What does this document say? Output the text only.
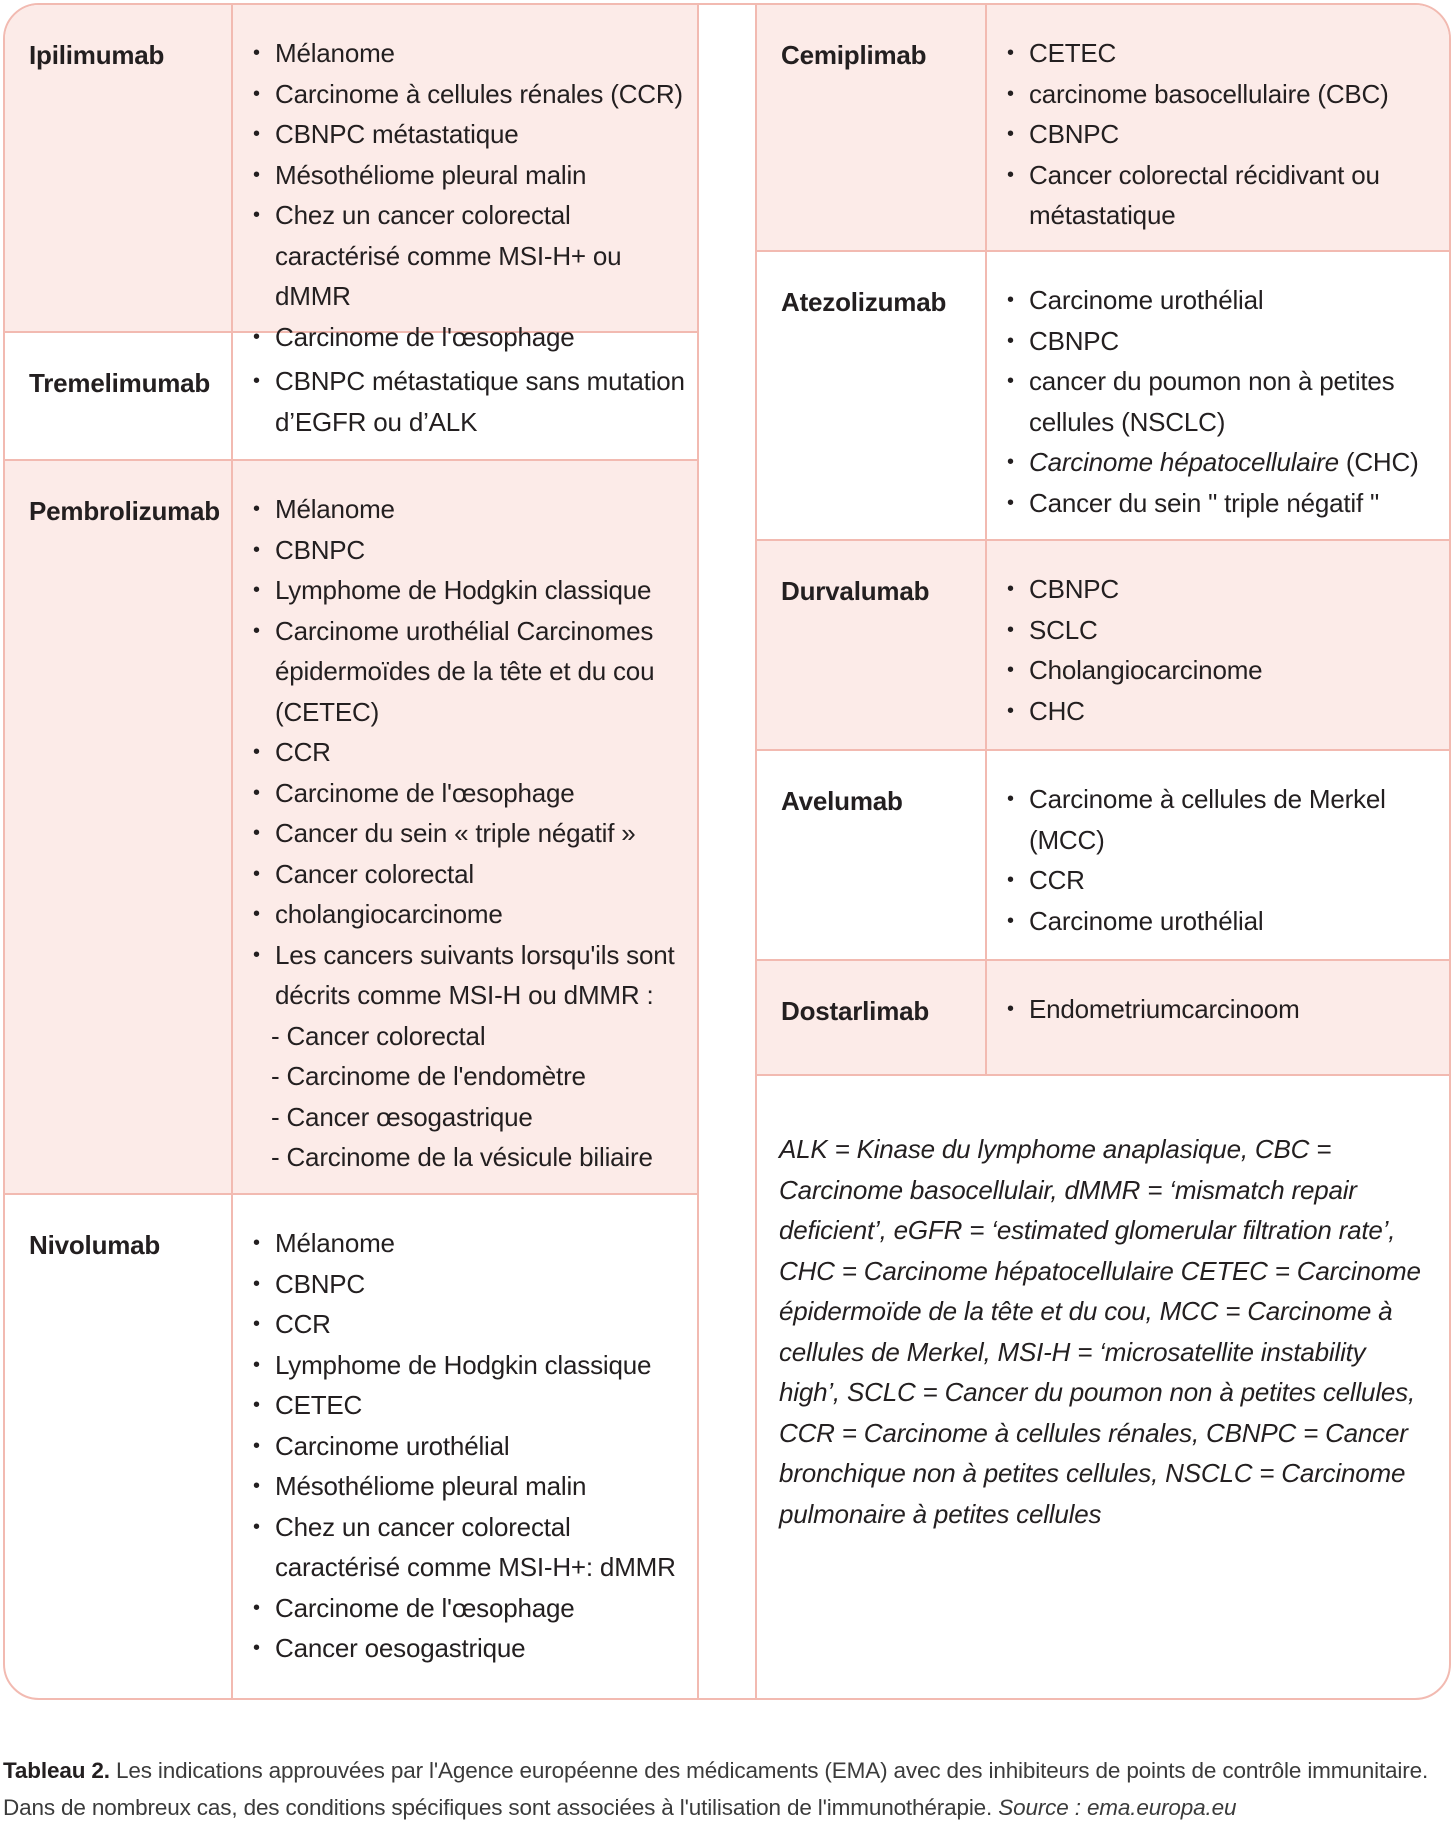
Ipilimumab	• Mélanome
• Carcinome à cellules rénales (CCR)
• CBNPC métastatique
• Mésothéliome pleural malin
• Chez un cancer colorectal caractérisé comme MSI-H+ ou dMMR
• Carcinome de l'œsophage
Tremelimumab	• CBNPC métastatique sans mutation d’EGFR ou d’ALK
Pembrolizumab	• Mélanome
• CBNPC
• Lymphome de Hodgkin classique
• Carcinome urothélial Carcinomes épidermoïdes de la tête et du cou (CETEC)
• CCR
• Carcinome de l'œsophage
• Cancer du sein « triple négatif »
• Cancer colorectal
• cholangiocarcinome
• Les cancers suivants lorsqu'ils sont décrits comme MSI-H ou dMMR :
- Cancer colorectal
- Carcinome de l'endomètre
- Cancer œsogastrique
- Carcinome de la vésicule biliaire
Nivolumab	• Mélanome
• CBNPC
• CCR
• Lymphome de Hodgkin classique
• CETEC
• Carcinome urothélial
• Mésothéliome pleural malin
• Chez un cancer colorectal caractérisé comme MSI-H+: dMMR
• Carcinome de l'œsophage
• Cancer oesogastrique
Cemiplimab	• CETEC
• carcinome basocellulaire (CBC)
• CBNPC
• Cancer colorectal récidivant ou métastatique
Atezolizumab	• Carcinome urothélial
• CBNPC
• cancer du poumon non à petites cellules (NSCLC)
• Carcinome hépatocellulaire (CHC)
• Cancer du sein " triple négatif "
Durvalumab	• CBNPC
• SCLC
• Cholangiocarcinome
• CHC
Avelumab	• Carcinome à cellules de Merkel (MCC)
• CCR
• Carcinome urothélial
Dostarlimab	• Endometriumcarcinoom

ALK = Kinase du lymphome anaplasique, CBC = Carcinome basocellulair, dMMR = ‘mismatch repair deficient’, eGFR = ‘estimated glomerular filtration rate’, CHC = Carcinome hépatocellulaire CETEC = Carcinome épidermoïde de la tête et du cou, MCC = Carcinome à cellules de Merkel, MSI-H = ‘microsatellite instability high’, SCLC = Cancer du poumon non à petites cellules, CCR = Carcinome à cellules rénales, CBNPC = Cancer bronchique non à petites cellules, NSCLC = Carcinome pulmonaire à petites cellules

Tableau 2. Les indications approuvées par l'Agence européenne des médicaments (EMA) avec des inhibiteurs de points de contrôle immunitaire. Dans de nombreux cas, des conditions spécifiques sont associées à l'utilisation de l'immunothérapie. Source : ema.europa.eu
